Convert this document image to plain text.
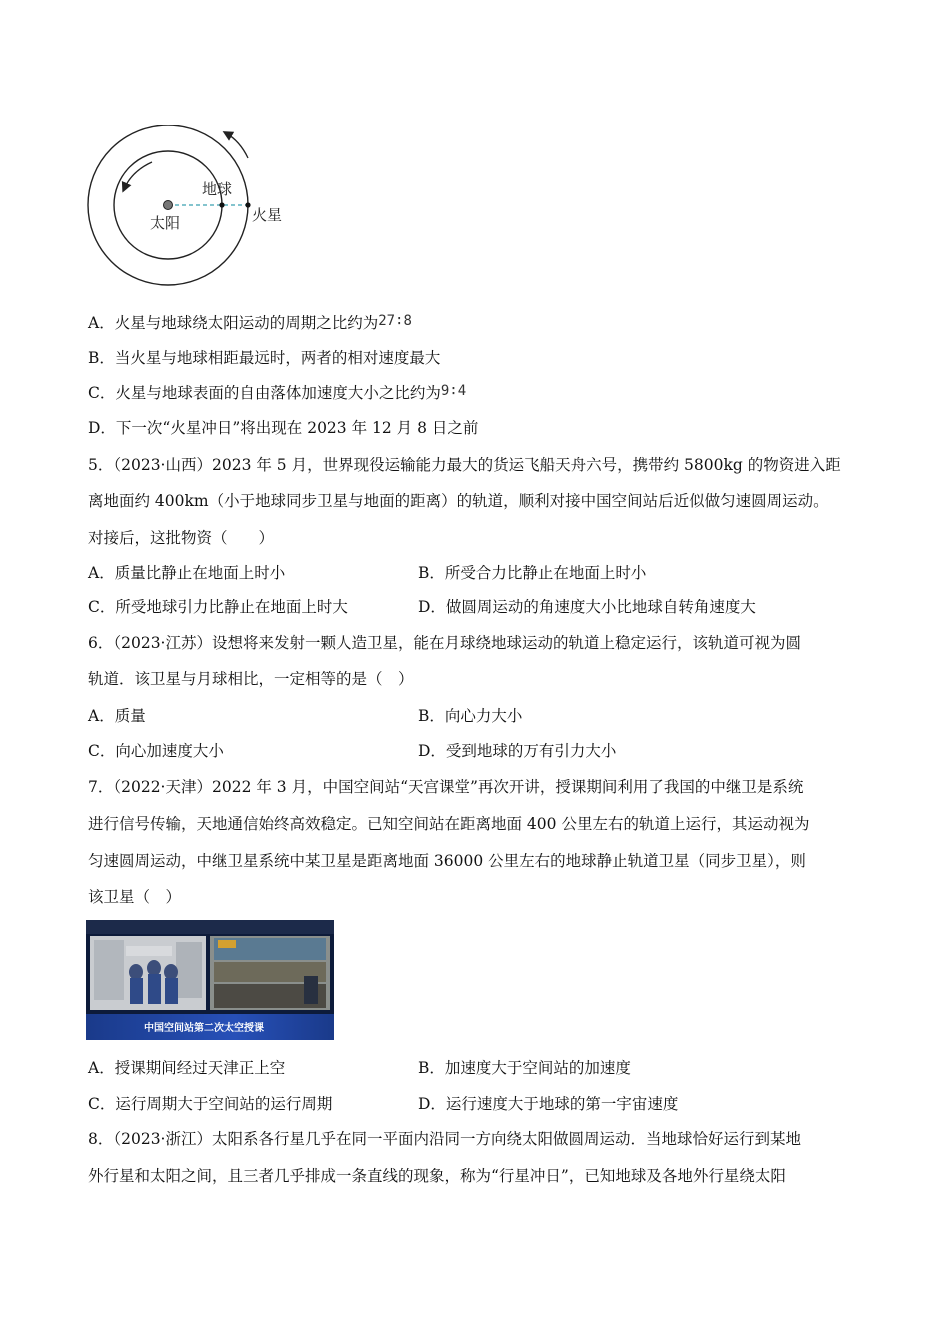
太阳
地球
火星
A．火星与地球绕太阳运动的周期之比约为27∶8
B．当火星与地球相距最远时，两者的相对速度最大
C．火星与地球表面的自由落体加速度大小之比约为9∶4
D．下一次“火星冲日”将出现在 2023 年 12 月 8 日之前
5．（2023·山西）2023 年 5 月，世界现役运输能力最大的货运飞船天舟六号，携带约 5800kg 的物资进入距
离地面约 400km（小于地球同步卫星与地面的距离）的轨道，顺利对接中国空间站后近似做匀速圆周运动。
对接后，这批物资（　　）
A．质量比静止在地面上时小	B．所受合力比静止在地面上时小
C．所受地球引力比静止在地面上时大	D．做圆周运动的角速度大小比地球自转角速度大
6．（2023·江苏）设想将来发射一颗人造卫星，能在月球绕地球运动的轨道上稳定运行，该轨道可视为圆
轨道．该卫星与月球相比，一定相等的是（　）
A．质量	B．向心力大小
C．向心加速度大小	D．受到地球的万有引力大小
7．（2022·天津）2022 年 3 月，中国空间站“天宫课堂”再次开讲，授课期间利用了我国的中继卫是系统
进行信号传输，天地通信始终高效稳定。已知空间站在距离地面 400 公里左右的轨道上运行，其运动视为
匀速圆周运动，中继卫星系统中某卫星是距离地面 36000 公里左右的地球静止轨道卫星（同步卫星），则
该卫星（　）
中国空间站第二次太空授课
A．授课期间经过天津正上空	B．加速度大于空间站的加速度
C．运行周期大于空间站的运行周期	D．运行速度大于地球的第一宇宙速度
8．（2023·浙江）太阳系各行星几乎在同一平面内沿同一方向绕太阳做圆周运动．当地球恰好运行到某地
外行星和太阳之间，且三者几乎排成一条直线的现象，称为“行星冲日”，已知地球及各地外行星绕太阳
